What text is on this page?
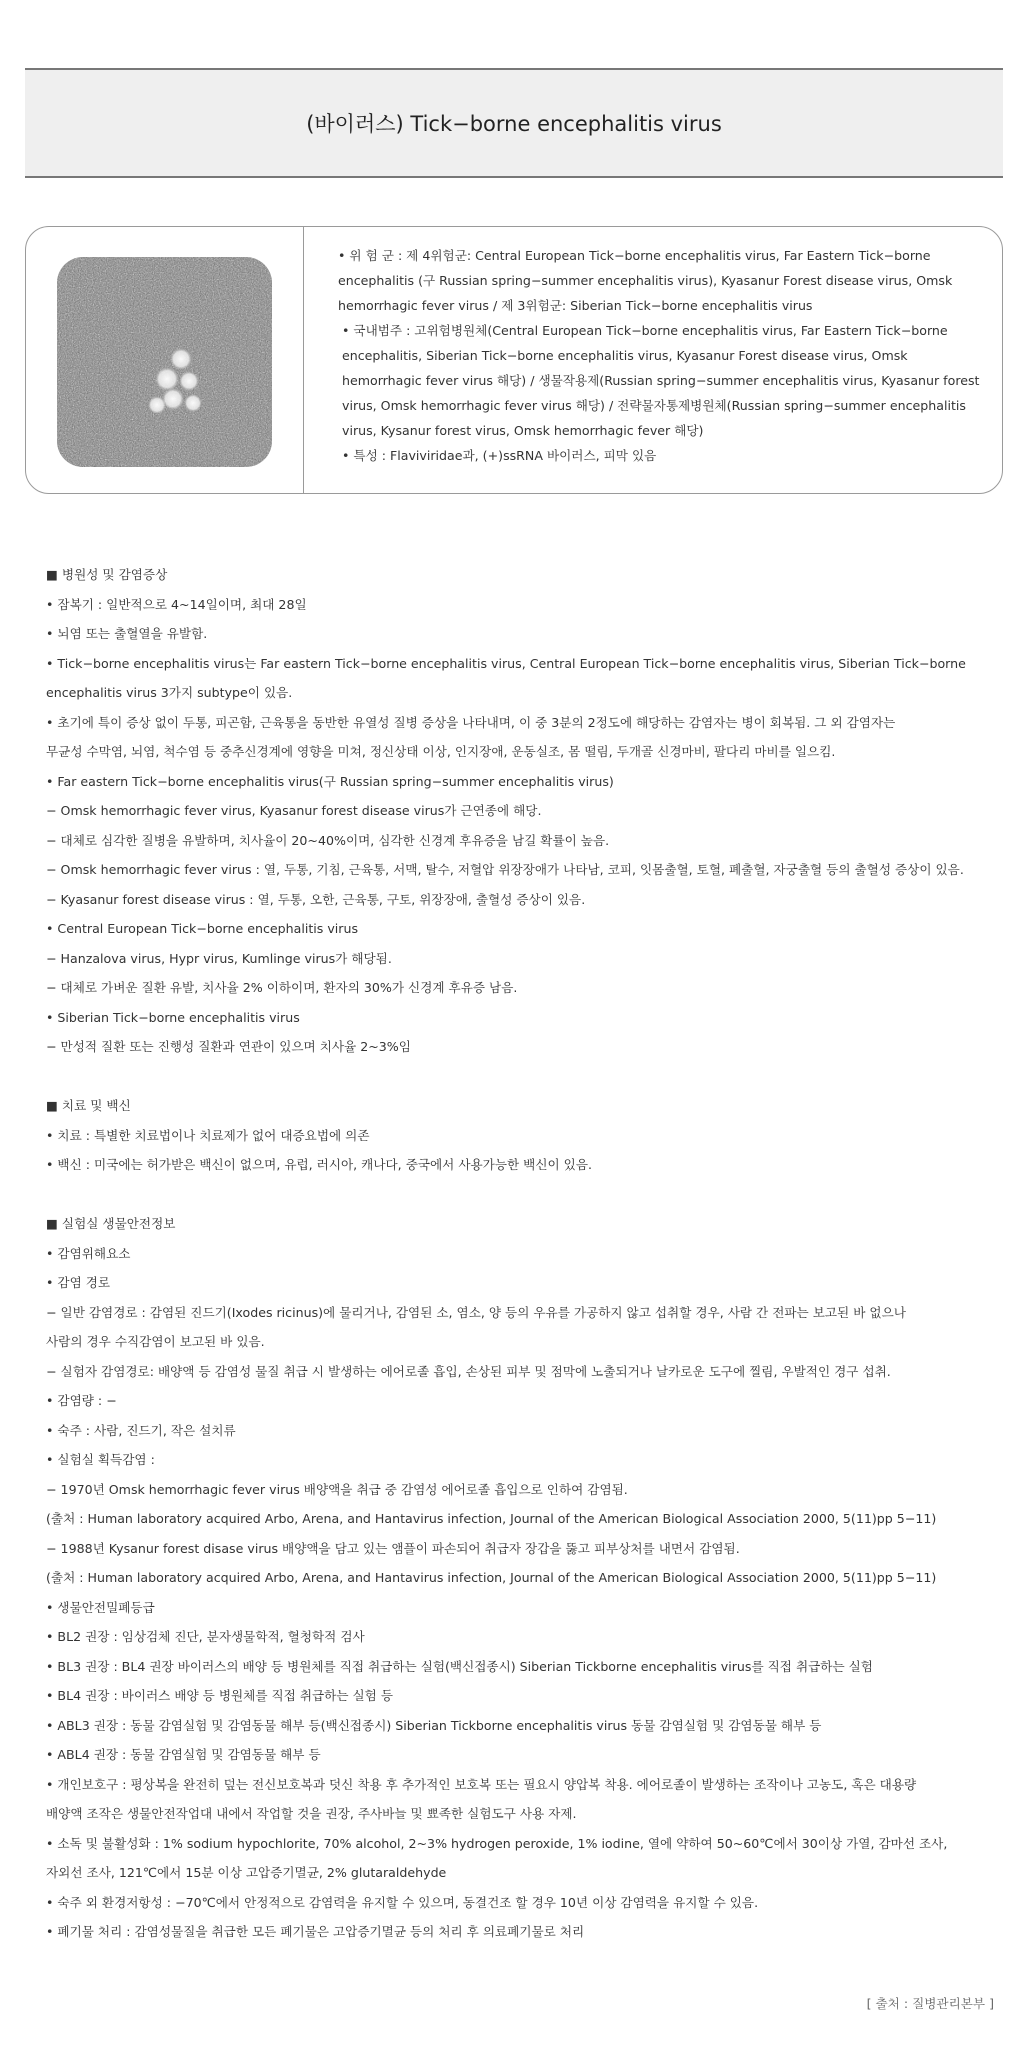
(바이러스) Tick−borne encephalitis virus

• 위 험 군 : 제 4위험군: Central European Tick−borne encephalitis virus, Far Eastern Tick−borne encephalitis (구 Russian spring−summer encephalitis virus), Kyasanur Forest disease virus, Omsk hemorrhagic fever virus / 제 3위험군: Siberian Tick−borne encephalitis virus

• 국내범주 : 고위험병원체(Central European Tick−borne encephalitis virus, Far Eastern Tick−borne encephalitis, Siberian Tick−borne encephalitis virus, Kyasanur Forest disease virus, Omsk hemorrhagic fever virus 해당) / 생물작용제(Russian spring−summer encephalitis virus, Kyasanur forest virus, Omsk hemorrhagic fever virus 해당) / 전략물자통제병원체(Russian spring−summer encephalitis virus, Kysanur forest virus, Omsk hemorrhagic fever 해당)

• 특성 : Flaviviridae과, (+)ssRNA 바이러스, 피막 있음

■ 병원성 및 감염증상
• 잠복기 : 일반적으로 4~14일이며, 최대 28일
• 뇌염 또는 출혈열을 유발함.
• Tick−borne encephalitis virus는 Far eastern Tick−borne encephalitis virus, Central European Tick−borne encephalitis virus, Siberian Tick−borne
encephalitis virus 3가지 subtype이 있음.
• 초기에 특이 증상 없이 두통, 피곤함, 근육통을 동반한 유열성 질병 증상을 나타내며, 이 중 3분의 2정도에 해당하는 감염자는 병이 회복됨. 그 외 감염자는
무균성 수막염, 뇌염, 척수염 등 중추신경계에 영향을 미쳐, 정신상태 이상, 인지장애, 운동실조, 몸 떨림, 두개골 신경마비, 팔다리 마비를 일으킴.
• Far eastern Tick−borne encephalitis virus(구 Russian spring−summer encephalitis virus)
− Omsk hemorrhagic fever virus, Kyasanur forest disease virus가 근연종에 해당.
− 대체로 심각한 질병을 유발하며, 치사율이 20~40%이며, 심각한 신경계 후유증을 남길 확률이 높음.
− Omsk hemorrhagic fever virus : 열, 두통, 기침, 근육통, 서맥, 탈수, 저혈압 위장장애가 나타남, 코피, 잇몸출혈, 토혈, 폐출혈, 자궁출혈 등의 출혈성 증상이 있음.
− Kyasanur forest disease virus : 열, 두통, 오한, 근육통, 구토, 위장장애, 출혈성 증상이 있음.
• Central European Tick−borne encephalitis virus
− Hanzalova virus, Hypr virus, Kumlinge virus가 해당됨.
− 대체로 가벼운 질환 유발, 치사율 2% 이하이며, 환자의 30%가 신경계 후유증 남음.
• Siberian Tick−borne encephalitis virus
− 만성적 질환 또는 진행성 질환과 연관이 있으며 치사율 2~3%임
■ 치료 및 백신
• 치료 : 특별한 치료법이나 치료제가 없어 대증요법에 의존
• 백신 : 미국에는 허가받은 백신이 없으며, 유럽, 러시아, 캐나다, 중국에서 사용가능한 백신이 있음.
■ 실험실 생물안전정보
• 감염위해요소
• 감염 경로
− 일반 감염경로 : 감염된 진드기(Ixodes ricinus)에 물리거나, 감염된 소, 염소, 양 등의 우유를 가공하지 않고 섭취할 경우, 사람 간 전파는 보고된 바 없으나
사람의 경우 수직감염이 보고된 바 있음.
− 실험자 감염경로: 배양액 등 감염성 물질 취급 시 발생하는 에어로졸 흡입, 손상된 피부 및 점막에 노출되거나 날카로운 도구에 찔림, 우발적인 경구 섭취.
• 감염량 : −
• 숙주 : 사람, 진드기, 작은 설치류
• 실험실 획득감염 :
− 1970년 Omsk hemorrhagic fever virus 배양액을 취급 중 감염성 에어로졸 흡입으로 인하여 감염됨.
(출처 : Human laboratory acquired Arbo, Arena, and Hantavirus infection, Journal of the American Biological Association 2000, 5(11)pp 5−11)
− 1988년 Kysanur forest disase virus 배양액을 담고 있는 앰플이 파손되어 취급자 장갑을 뚫고 피부상처를 내면서 감염됨.
(출처 : Human laboratory acquired Arbo, Arena, and Hantavirus infection, Journal of the American Biological Association 2000, 5(11)pp 5−11)
• 생물안전밀폐등급
• BL2 권장 : 임상검체 진단, 분자생물학적, 혈청학적 검사
• BL3 권장 : BL4 권장 바이러스의 배양 등 병원체를 직접 취급하는 실험(백신접종시) Siberian Tickborne encephalitis virus를 직접 취급하는 실험
• BL4 권장 : 바이러스 배양 등 병원체를 직접 취급하는 실험 등
• ABL3 권장 : 동물 감염실험 및 감염동물 해부 등(백신접종시) Siberian Tickborne encephalitis virus 동물 감염실험 및 감염동물 해부 등
• ABL4 권장 : 동물 감염실험 및 감염동물 해부 등
• 개인보호구 : 평상복을 완전히 덮는 전신보호복과 덧신 착용 후 추가적인 보호복 또는 필요시 양압복 착용. 에어로졸이 발생하는 조작이나 고농도, 혹은 대용량
배양액 조작은 생물안전작업대 내에서 작업할 것을 권장, 주사바늘 및 뾰족한 실험도구 사용 자제.
• 소독 및 불활성화 : 1% sodium hypochlorite, 70% alcohol, 2~3% hydrogen peroxide, 1% iodine, 열에 약하여 50~60℃에서 30이상 가열, 감마선 조사,
자외선 조사, 121℃에서 15분 이상 고압증기멸균, 2% glutaraldehyde
• 숙주 외 환경저항성 : −70℃에서 안정적으로 감염력을 유지할 수 있으며, 동결건조 할 경우 10년 이상 감염력을 유지할 수 있음.
• 폐기물 처리 : 감염성물질을 취급한 모든 폐기물은 고압증기멸균 등의 처리 후 의료폐기물로 처리
[ 출처 : 질병관리본부 ]
